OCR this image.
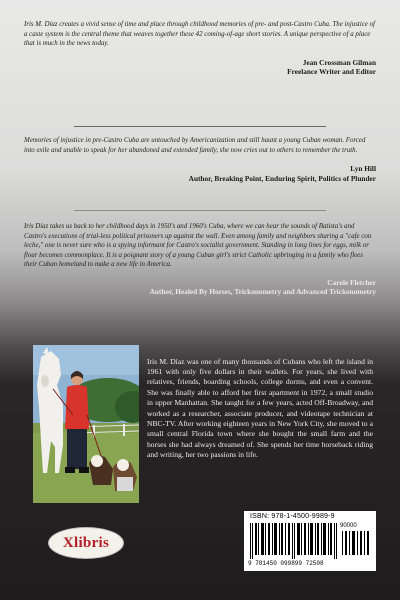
Iris M. Díaz creates a vivid sense of time and place through childhood memories of pre- and post-Castro Cuba. The injustice of a caste system is the central theme that weaves together these 42 coming-of-age short stories. A unique perspective of a place that is much in the news today.

Jean Crossman Gilman

Freelance Writer and Editor

Memories of injustice in pre-Castro Cuba are untouched by Americanization and still haunt a young Cuban woman. Forced into exile and unable to speak for her abandoned and extended family, she now cries out to others to remember the truth.

Lyn Hill

Author, Breaking Point, Enduring Spirit, Politics of Plunder

Iris Díaz takes us back to her childhood days in 1950's and 1960's Cuba, where we can hear the sounds of Batista's and Castro's executions of trial-less political prisoners up against the wall. Even among family and neighbors sharing a "cafe con leche," one is never sure who is a spying informant for Castro's socialist government. Standing in long lines for eggs, milk or flour becomes commonplace. It is a poignant story of a young Cuban girl's strict Catholic upbringing in a family who flees their Cuban homeland to make a new life in America.

Carole Fletcher

Author, Healed By Horses, Trickonometry and Advanced Trickonometry

Iris M. Díaz was one of many thousands of Cubans who left the island in 1961 with only five dollars in their wallets. For years, she lived with relatives, friends, boarding schools, college dorms, and even a convent. She was finally able to afford her first apartment in 1972, a small studio in upper Manhattan. She taught for a few years, acted Off-Broadway, and worked as a researcher, associate producer, and videotape technician at NBC-TV. After working eighteen years in New York City, she moved to a small central Florida town where she bought the small farm and the horses she had always dreamed of. She spends her time horseback riding and writing, her two passions in life.

Xlibris
ISBN: 978-1-4500-9989-9
90000
9 781450 099899 72508
